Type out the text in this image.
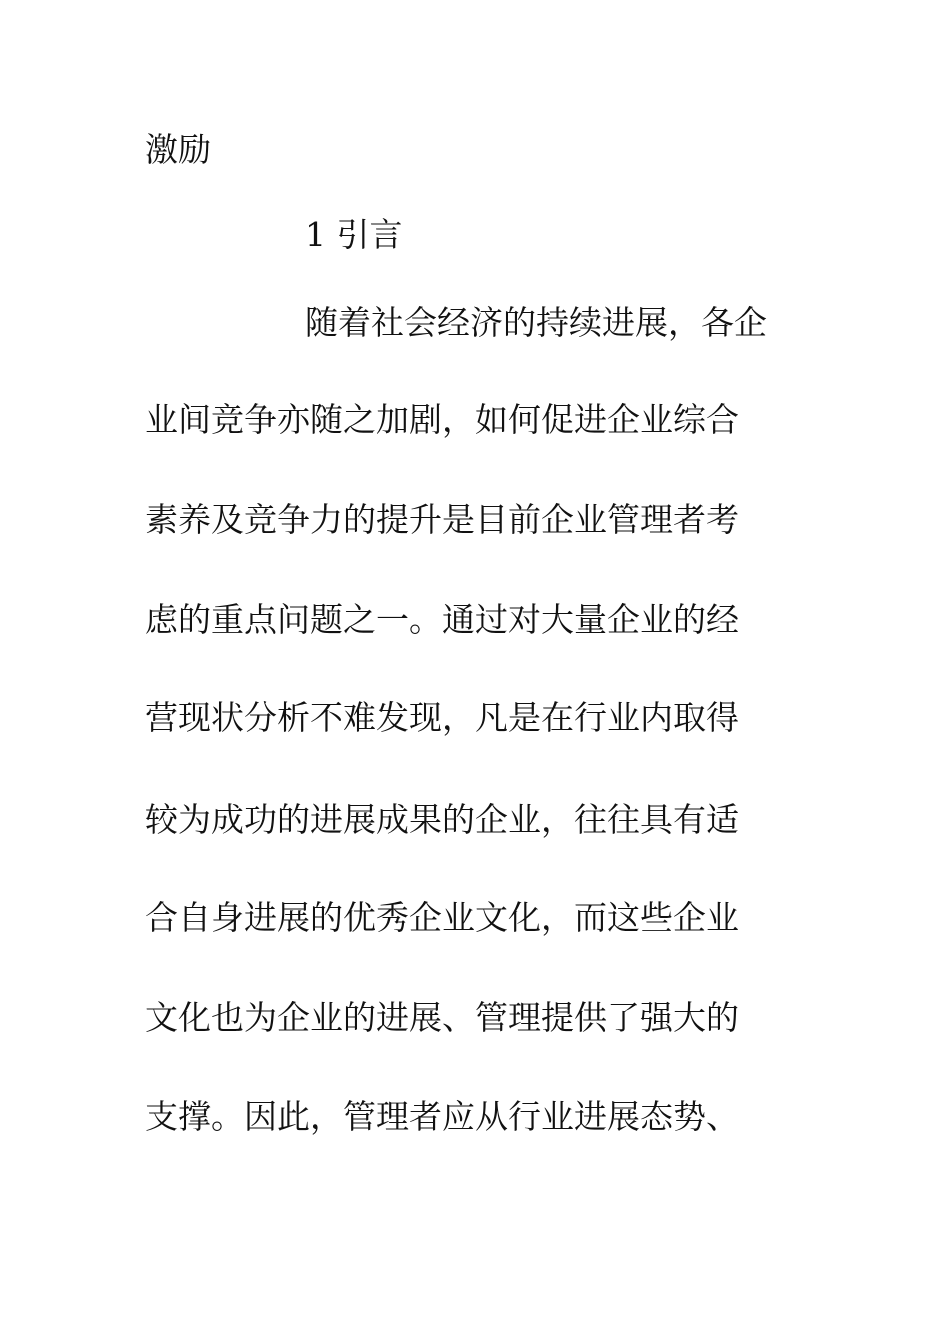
激励
1 引言
随着社会经济的持续进展，各企
业间竞争亦随之加剧，如何促进企业综合
素养及竞争力的提升是目前企业管理者考
虑的重点问题之一。通过对大量企业的经
营现状分析不难发现，凡是在行业内取得
较为成功的进展成果的企业，往往具有适
合自身进展的优秀企业文化，而这些企业
文化也为企业的进展、管理提供了强大的
支撑。因此，管理者应从行业进展态势、
